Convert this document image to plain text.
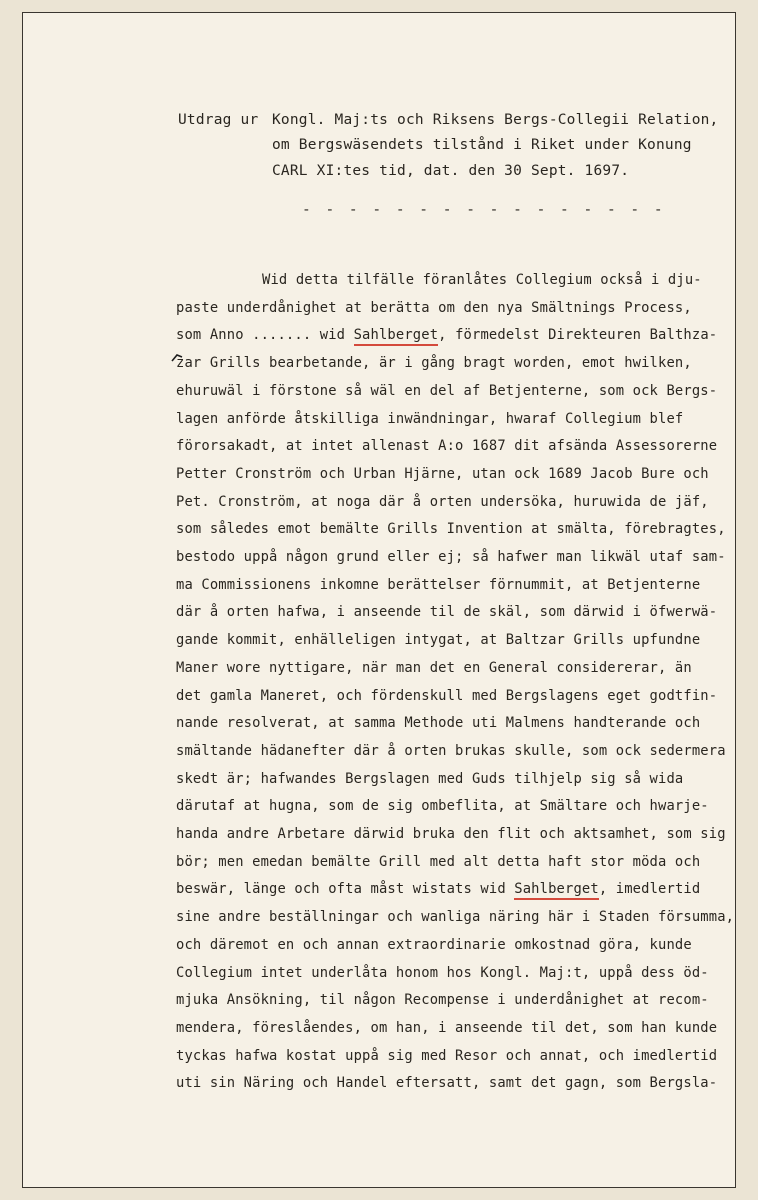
Utdrag ur Kongl. Maj:ts och Riksens Bergs-Collegii Relation,
om Bergswäsendets tilstånd i Riket under Konung
CARL XI:tes tid, dat. den 30 Sept. 1697.
- - - - - - - - - - - - - - - -
Wid detta tilfälle föranlåtes Collegium också i dju-
paste underdånighet at berätta om den nya Smältnings Process,
som Anno ....... wid Sahlberget, förmedelst Direkteuren Balthza-
zar Grills bearbetande, är i gång bragt worden, emot hwilken,
ehuruwäl i förstone så wäl en del af Betjenterne, som ock Bergs-
lagen anförde åtskilliga inwändningar, hwaraf Collegium blef
förorsakadt, at intet allenast A:o 1687 dit afsända Assessorerne
Petter Cronström och Urban Hjärne, utan ock 1689 Jacob Bure och
Pet. Cronström, at noga där å orten undersöka, huruwida de jäf,
som således emot bemälte Grills Invention at smälta, förebragtes,
bestodo uppå någon grund eller ej; så hafwer man likwäl utaf sam-
ma Commissionens inkomne berättelser förnummit, at Betjenterne
där å orten hafwa, i anseende til de skäl, som därwid i öfwerwä-
gande kommit, enhälleligen intygat, at Baltzar Grills upfundne
Maner wore nyttigare, när man det en General considererar, än
det gamla Maneret, och fördenskull med Bergslagens eget godtfin-
nande resolverat, at samma Methode uti Malmens handterande och
smältande hädanefter där å orten brukas skulle, som ock sedermera
skedt är; hafwandes Bergslagen med Guds tilhjelp sig så wida
därutaf at hugna, som de sig ombeflita, at Smältare och hwarje-
handa andre Arbetare därwid bruka den flit och aktsamhet, som sig
bör; men emedan bemälte Grill med alt detta haft stor möda och
beswär, länge och ofta måst wistats wid Sahlberget, imedlertid
sine andre beställningar och wanliga näring här i Staden försumma,
och däremot en och annan extraordinarie omkostnad göra, kunde
Collegium intet underlåta honom hos Kongl. Maj:t, uppå dess öd-
mjuka Ansökning, til någon Recompense i underdånighet at recom-
mendera, föreslåendes, om han, i anseende til det, som han kunde
tyckas hafwa kostat uppå sig med Resor och annat, och imedlertid
uti sin Näring och Handel eftersatt, samt det gagn, som Bergsla-
